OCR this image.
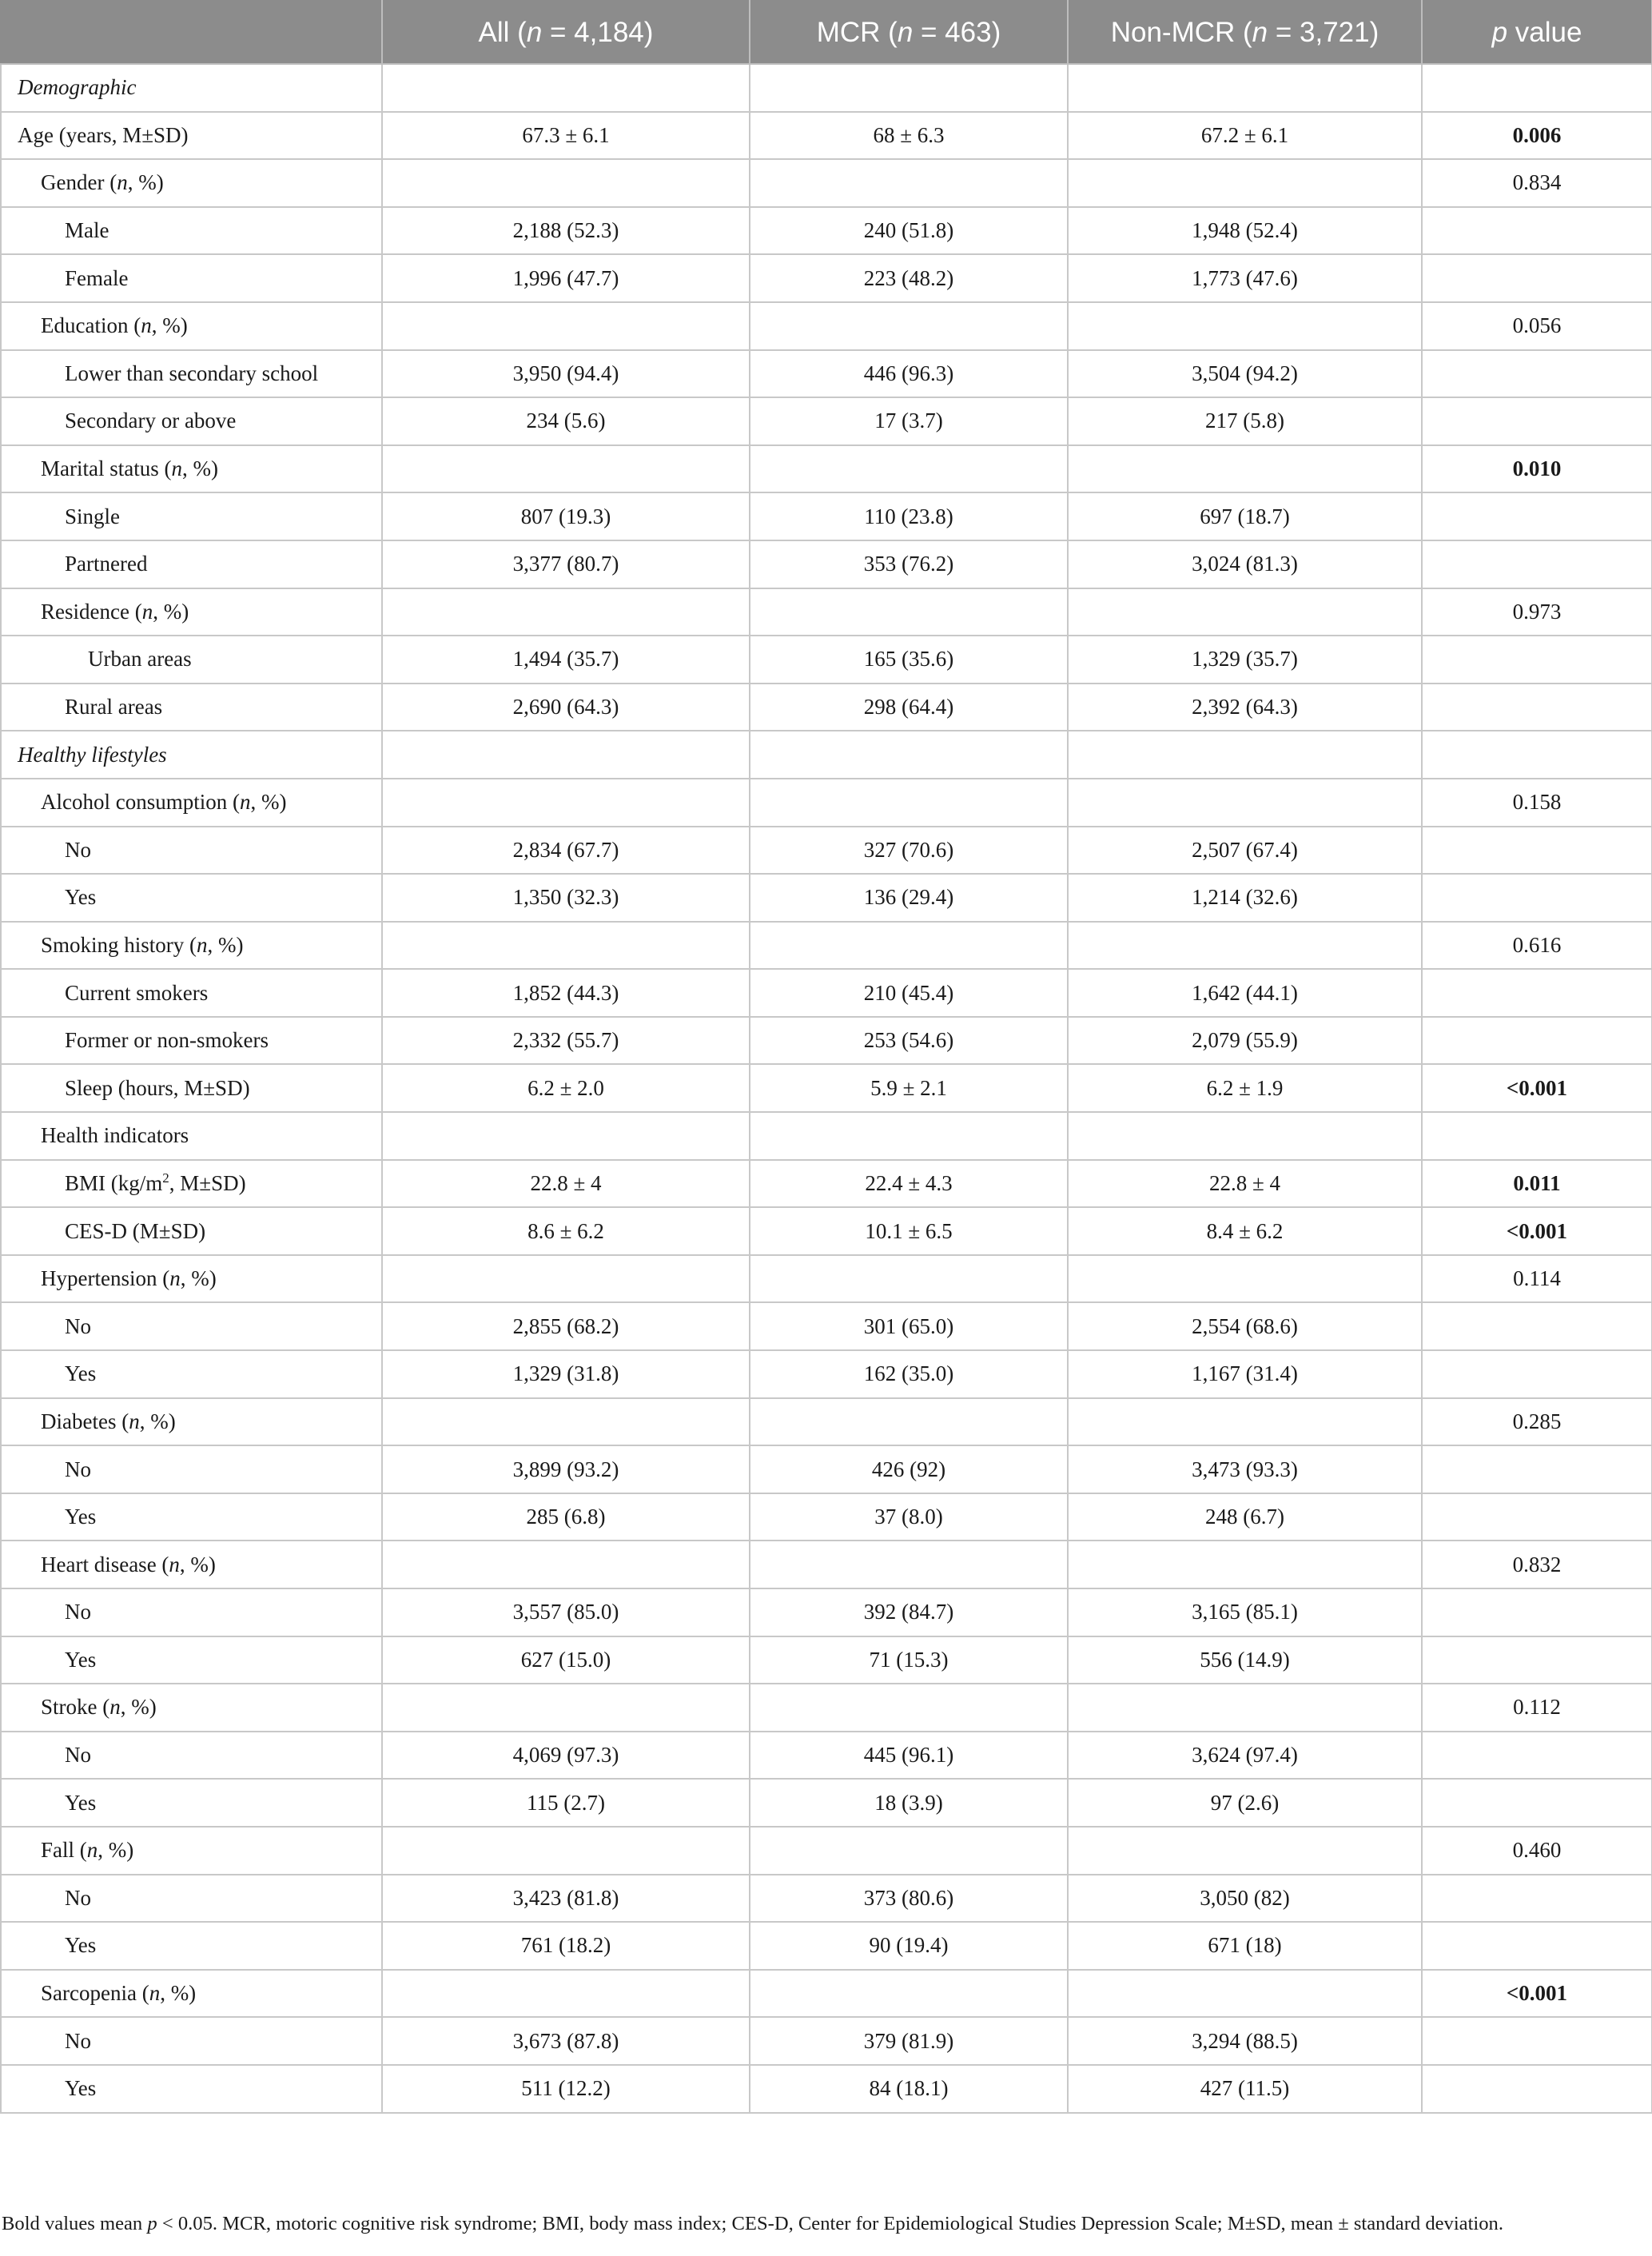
	All (n = 4,184)	MCR (n = 463)	Non-MCR (n = 3,721)	p value
Demographic				
Age (years, M±SD)	67.3 ± 6.1	68 ± 6.3	67.2 ± 6.1	0.006
Gender (n, %)				0.834
Male	2,188 (52.3)	240 (51.8)	1,948 (52.4)	
Female	1,996 (47.7)	223 (48.2)	1,773 (47.6)	
Education (n, %)				0.056
Lower than secondary school	3,950 (94.4)	446 (96.3)	3,504 (94.2)	
Secondary or above	234 (5.6)	17 (3.7)	217 (5.8)	
Marital status (n, %)				0.010
Single	807 (19.3)	110 (23.8)	697 (18.7)	
Partnered	3,377 (80.7)	353 (76.2)	3,024 (81.3)	
Residence (n, %)				0.973
Urban areas	1,494 (35.7)	165 (35.6)	1,329 (35.7)	
Rural areas	2,690 (64.3)	298 (64.4)	2,392 (64.3)	
Healthy lifestyles				
Alcohol consumption (n, %)				0.158
No	2,834 (67.7)	327 (70.6)	2,507 (67.4)	
Yes	1,350 (32.3)	136 (29.4)	1,214 (32.6)	
Smoking history (n, %)				0.616
Current smokers	1,852 (44.3)	210 (45.4)	1,642 (44.1)	
Former or non-smokers	2,332 (55.7)	253 (54.6)	2,079 (55.9)	
Sleep (hours, M±SD)	6.2 ± 2.0	5.9 ± 2.1	6.2 ± 1.9	<0.001
Health indicators				
BMI ($kg/m^2$, M±SD)	22.8 ± 4	22.4 ± 4.3	22.8 ± 4	0.011
CES-D (M±SD)	8.6 ± 6.2	10.1 ± 6.5	8.4 ± 6.2	<0.001
Hypertension (n, %)				0.114
No	2,855 (68.2)	301 (65.0)	2,554 (68.6)	
Yes	1,329 (31.8)	162 (35.0)	1,167 (31.4)	
Diabetes (n, %)				0.285
No	3,899 (93.2)	426 (92)	3,473 (93.3)	
Yes	285 (6.8)	37 (8.0)	248 (6.7)	
Heart disease (n, %)				0.832
No	3,557 (85.0)	392 (84.7)	3,165 (85.1)	
Yes	627 (15.0)	71 (15.3)	556 (14.9)	
Stroke (n, %)				0.112
No	4,069 (97.3)	445 (96.1)	3,624 (97.4)	
Yes	115 (2.7)	18 (3.9)	97 (2.6)	
Fall (n, %)				0.460
No	3,423 (81.8)	373 (80.6)	3,050 (82)	
Yes	761 (18.2)	90 (19.4)	671 (18)	
Sarcopenia (n, %)				<0.001
No	3,673 (87.8)	379 (81.9)	3,294 (88.5)	
Yes	511 (12.2)	84 (18.1)	427 (11.5)	
Bold values mean p < 0.05. MCR, motoric cognitive risk syndrome; BMI, body mass index; CES-D, Center for Epidemiological Studies Depression Scale; M±SD, mean ± standard deviation.
